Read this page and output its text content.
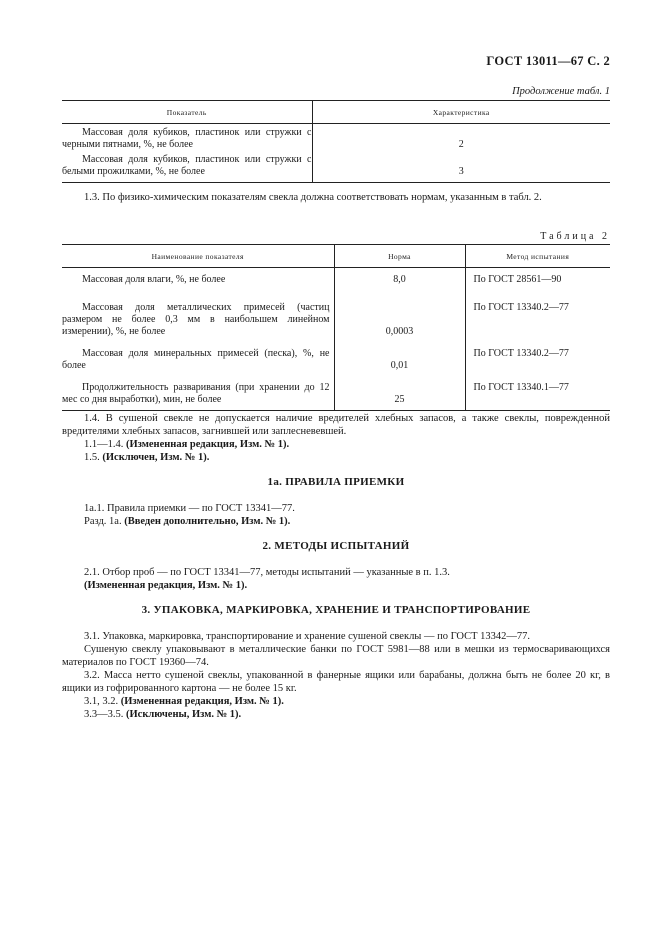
ГОСТ 13011—67 С. 2
Продолжение табл. 1
Показатель	Характеристика
Массовая доля кубиков, пластинок или стружки с черными пятнами, %, не более	2
Массовая доля кубиков, пластинок или стружки с белыми прожилками, %, не более	3
1.3. По физико-химическим показателям свекла должна соответствовать нормам, указанным в табл. 2.
Таблица 2
Наименование показателя	Норма	Метод испытания
Массовая доля влаги, %, не более	8,0	По ГОСТ 28561—90
Массовая доля металлических примесей (частиц размером не более 0,3 мм в наибольшем линейном измерении), %, не более	0,0003	По ГОСТ 13340.2—77
Массовая доля минеральных примесей (песка), %, не более	0,01	По ГОСТ 13340.2—77
Продолжительность разваривания (при хранении до 12 мес со дня выработки), мин, не более	25	По ГОСТ 13340.1—77
1.4. В сушеной свекле не допускается наличие вредителей хлебных запасов, а также свеклы, поврежденной вредителями хлебных запасов, загнившей или заплесневевшей.
1.1—1.4. (Измененная редакция, Изм. № 1).
1.5. (Исключен, Изм. № 1).
1а. ПРАВИЛА ПРИЕМКИ
1а.1. Правила приемки — по ГОСТ 13341—77.
Разд. 1а. (Введен дополнительно, Изм. № 1).
2. МЕТОДЫ ИСПЫТАНИЙ
2.1. Отбор проб — по ГОСТ 13341—77, методы испытаний — указанные в п. 1.3.
(Измененная редакция, Изм. № 1).
3. УПАКОВКА, МАРКИРОВКА, ХРАНЕНИЕ И ТРАНСПОРТИРОВАНИЕ
3.1. Упаковка, маркировка, транспортирование и хранение сушеной свеклы — по ГОСТ 13342—77.
Сушеную свеклу упаковывают в металлические банки по ГОСТ 5981—88 или в мешки из термосваривающихся материалов по ГОСТ 19360—74.
3.2. Масса нетто сушеной свеклы, упакованной в фанерные ящики или барабаны, должна быть не более 20 кг, в ящики из гофрированного картона — не более 15 кг.
3.1, 3.2. (Измененная редакция, Изм. № 1).
3.3—3.5. (Исключены, Изм. № 1).
